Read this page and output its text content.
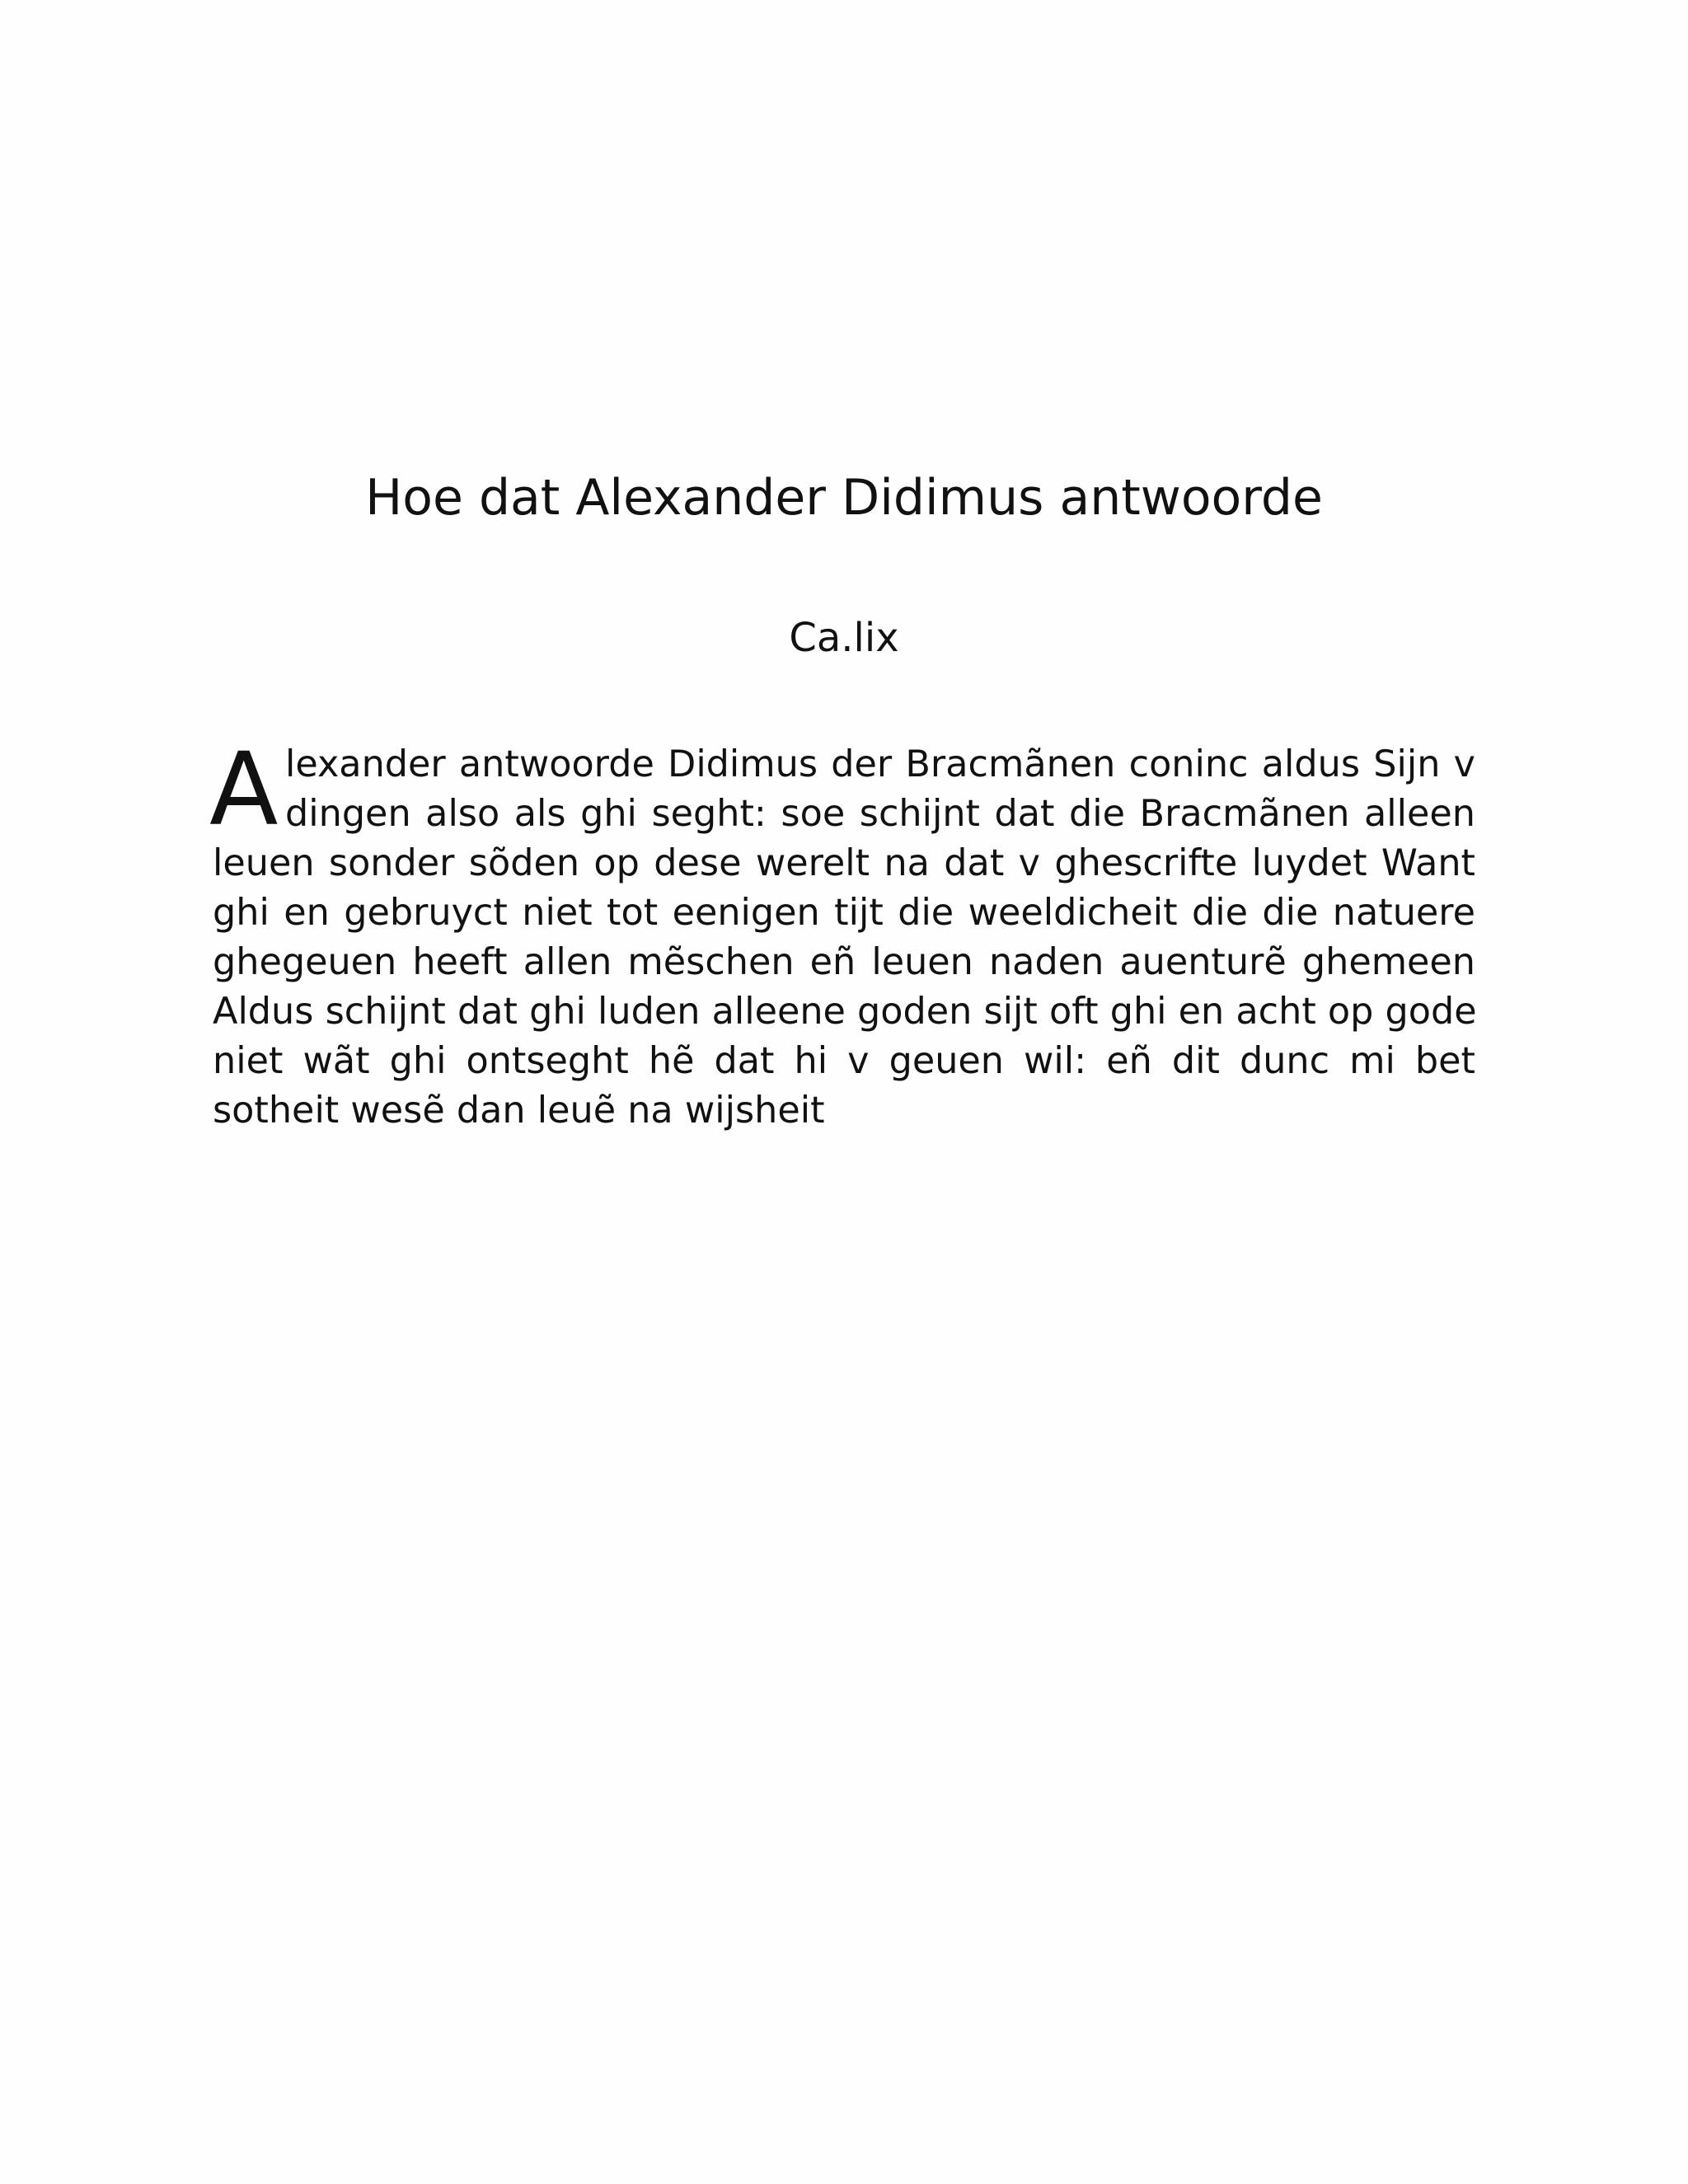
Hoe dat Alexander Didimus antwoorde
Ca.lix
A lexander antwoorde Didimus der Bracmãnen coninc aldus Sijn v
dingen also als ghi seght: soe schijnt dat die Bracmãnen alleen
leuen sonder sõden op dese werelt na dat v ghescrifte luydet Want
ghi en gebruyct niet tot eenigen tijt die weeldicheit die die natuere
ghegeuen heeft allen mẽschen eñ leuen naden auenturẽ ghemeen
Aldus schijnt dat ghi luden alleene goden sijt oft ghi en acht op gode
niet wãt ghi ontseght hẽ dat hi v geuen wil: eñ dit dunc mi bet
sotheit wesẽ dan leuẽ na wijsheit
